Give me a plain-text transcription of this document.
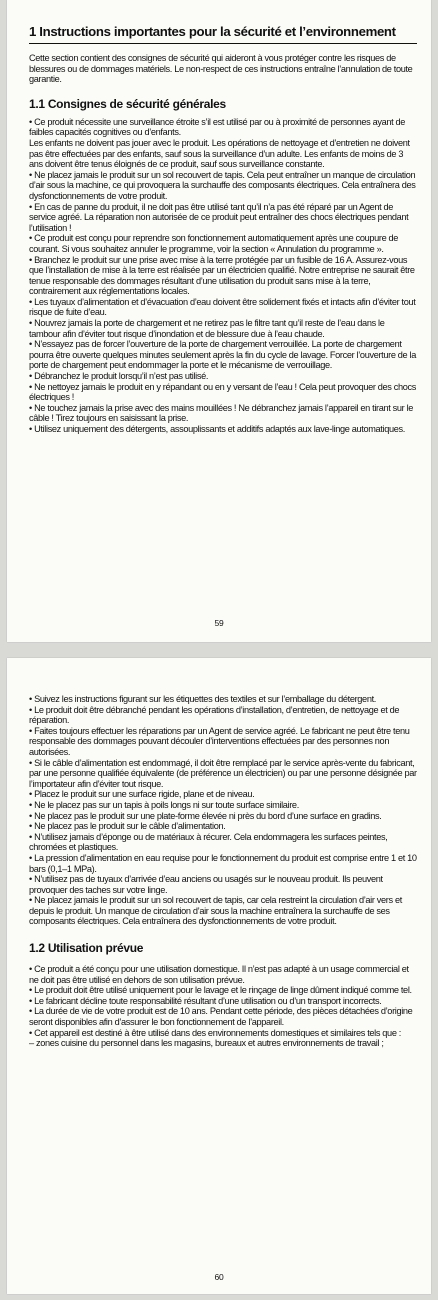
1 Instructions importantes pour la sécurité et l’environnement

Cette section contient des consignes de sécurité qui aideront à vous protéger contre les risques de blessures ou de dommages matériels. Le non-respect de ces instructions entraîne l’annulation de toute garantie.

1.1 Consignes de sécurité générales

• Ce produit nécessite une surveillance étroite s’il est utilisé par ou à proximité de personnes ayant de faibles capacités cognitives ou d’enfants.

Les enfants ne doivent pas jouer avec le produit. Les opérations de nettoyage et d’entretien ne doivent pas être effectuées par des enfants, sauf sous la surveillance d’un adulte. Les enfants de moins de 3 ans doivent être tenus éloignés de ce produit, sauf sous surveillance constante.

• Ne placez jamais le produit sur un sol recouvert de tapis. Cela peut entraîner un manque de circulation d’air sous la machine, ce qui provoquera la surchauffe des composants électriques. Cela entraînera des dysfonctionnements de votre produit.

• En cas de panne du produit, il ne doit pas être utilisé tant qu’il n’a pas été réparé par un Agent de service agréé. La réparation non autorisée de ce produit peut entraîner des chocs électriques pendant l’utilisation !

• Ce produit est conçu pour reprendre son fonctionnement automatiquement après une coupure de courant. Si vous souhaitez annuler le programme, voir la section « Annulation du programme ».

• Branchez le produit sur une prise avec mise à la terre protégée par un fusible de 16 A. Assurez-vous que l’installation de mise à la terre est réalisée par un électricien qualifié. Notre entreprise ne saurait être tenue responsable des dommages résultant d’une utilisation du produit sans mise à la terre, contrairement aux réglementations locales.

• Les tuyaux d’alimentation et d’évacuation d’eau doivent être solidement fixés et intacts afin d’éviter tout risque de fuite d’eau.

• Nouvrez jamais la porte de chargement et ne retirez pas le filtre tant qu’il reste de l’eau dans le tambour afin d’éviter tout risque d’inondation et de blessure due à l’eau chaude.

• N’essayez pas de forcer l’ouverture de la porte de chargement verrouillée. La porte de chargement pourra être ouverte quelques minutes seulement après la fin du cycle de lavage. Forcer l’ouverture de la porte de chargement peut endommager la porte et le mécanisme de verrouillage.

• Débranchez le produit lorsqu’il n’est pas utilisé.

• Ne nettoyez jamais le produit en y répandant ou en y versant de l’eau ! Cela peut provoquer des chocs électriques !

• Ne touchez jamais la prise avec des mains mouillées ! Ne débranchez jamais l’appareil en tirant sur le câble ! Tirez toujours en saisissant la prise.

• Utilisez uniquement des détergents, assouplissants et additifs adaptés aux lave-linge automatiques.

59

• Suivez les instructions figurant sur les étiquettes des textiles et sur l’emballage du détergent.

• Le produit doit être débranché pendant les opérations d’installation, d’entretien, de nettoyage et de réparation.

• Faites toujours effectuer les réparations par un Agent de service agréé. Le fabricant ne peut être tenu responsable des dommages pouvant découler d’interventions effectuées par des personnes non autorisées.

• Si le câble d’alimentation est endommagé, il doit être remplacé par le service après-vente du fabricant, par une personne qualifiée équivalente (de préférence un électricien) ou par une personne désignée par l’importateur afin d’éviter tout risque.

• Placez le produit sur une surface rigide, plane et de niveau.

• Ne le placez pas sur un tapis à poils longs ni sur toute surface similaire.

• Ne placez pas le produit sur une plate-forme élevée ni près du bord d’une surface en gradins.

• Ne placez pas le produit sur le câble d’alimentation.

• N’utilisez jamais d’éponge ou de matériaux à récurer. Cela endommagera les surfaces peintes, chromées et plastiques.

• La pression d’alimentation en eau requise pour le fonctionnement du produit est comprise entre 1 et 10 bars (0,1–1 MPa).

• N’utilisez pas de tuyaux d’arrivée d’eau anciens ou usagés sur le nouveau produit. Ils peuvent provoquer des taches sur votre linge.

• Ne placez jamais le produit sur un sol recouvert de tapis, car cela restreint la circulation d’air vers et depuis le produit. Un manque de circulation d’air sous la machine entraînera la surchauffe de ses composants électriques. Cela entraînera des dysfonctionnements de votre produit.

1.2 Utilisation prévue

• Ce produit a été conçu pour une utilisation domestique. Il n’est pas adapté à un usage commercial et ne doit pas être utilisé en dehors de son utilisation prévue.

• Le produit doit être utilisé uniquement pour le lavage et le rinçage de linge dûment indiqué comme tel.

• Le fabricant décline toute responsabilité résultant d’une utilisation ou d’un transport incorrects.

• La durée de vie de votre produit est de 10 ans. Pendant cette période, des pièces détachées d’origine seront disponibles afin d’assurer le bon fonctionnement de l’appareil.

• Cet appareil est destiné à être utilisé dans des environnements domestiques et similaires tels que :

– zones cuisine du personnel dans les magasins, bureaux et autres environnements de travail ;

60
